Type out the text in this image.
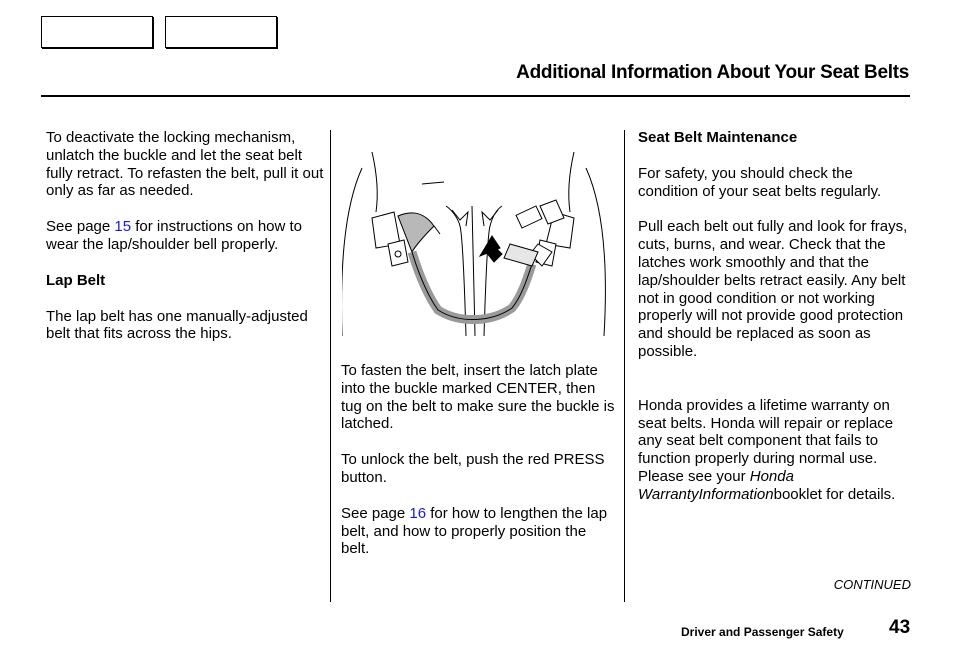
Additional Information About Your Seat Belts

To deactivate the locking mechanism, unlatch the buckle and let the seat belt fully retract. To refasten the belt, pull it out only as far as needed.

See page 15 for instructions on how to wear the lap/shoulder bell properly.

Lap Belt

The lap belt has one manually-adjusted belt that fits across the hips.

To fasten the belt, insert the latch plate into the buckle marked CENTER, then tug on the belt to make sure the buckle is latched.

To unlock the belt, push the red PRESS button.

See page 16 for how to lengthen the lap belt, and how to properly position the belt.

Seat Belt Maintenance

For safety, you should check the condition of your seat belts regularly.

Pull each belt out fully and look for frays, cuts, burns, and wear. Check that the latches work smoothly and that the lap/shoulder belts retract easily. Any belt not in good condition or not working properly will not provide good protection and should be replaced as soon as possible.

Honda provides a lifetime warranty on seat belts. Honda will repair or replace any seat belt component that fails to function properly during normal use. Please see your Honda WarrantyInformationbooklet for details.

CONTINUED
Driver and Passenger Safety 43
